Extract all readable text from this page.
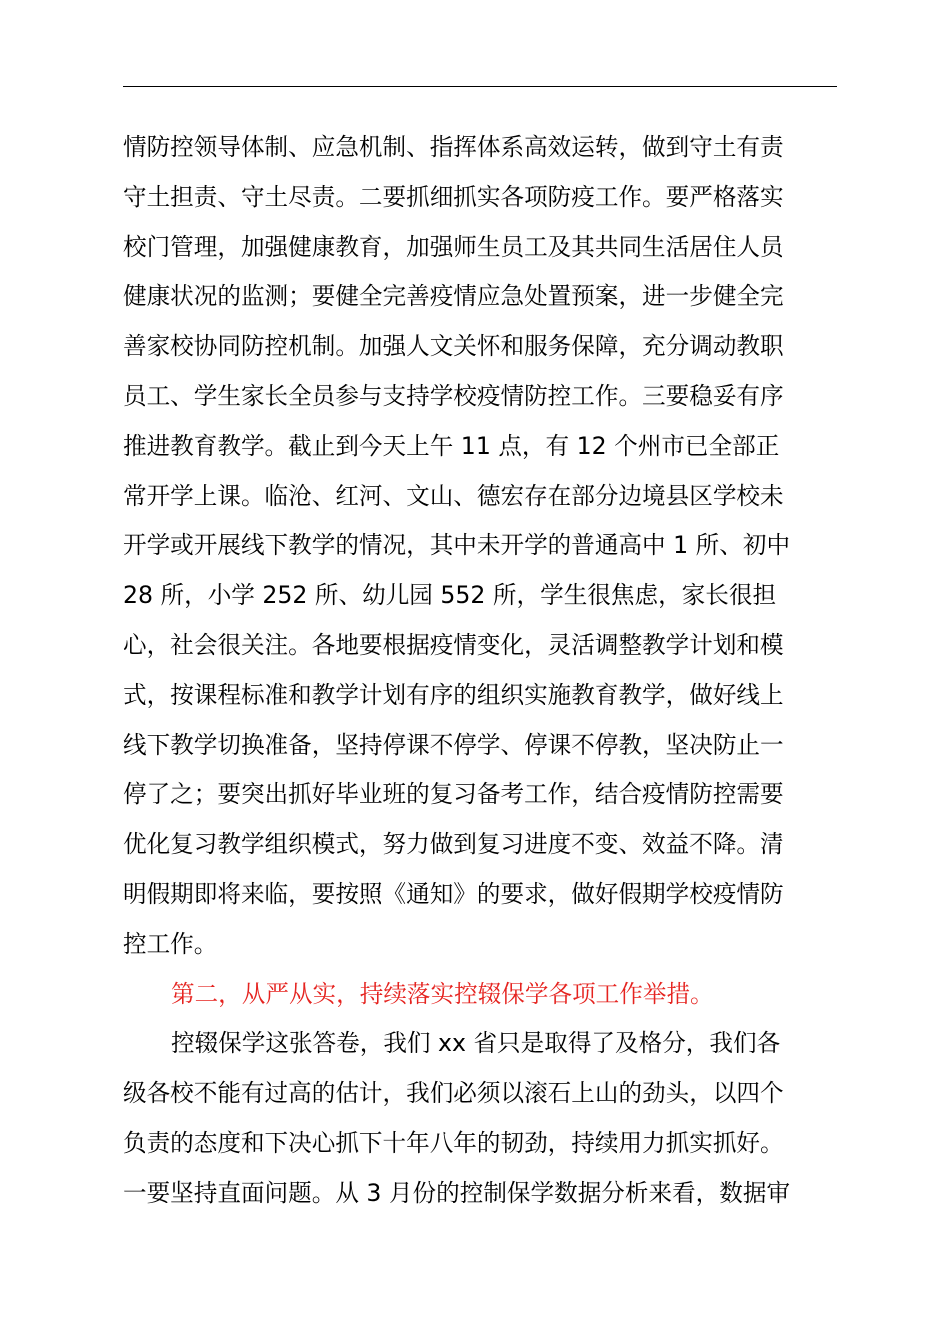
情防控领导体制、应急机制、指挥体系高效运转，做到守土有责
守土担责、守土尽责。二要抓细抓实各项防疫工作。要严格落实
校门管理，加强健康教育，加强师生员工及其共同生活居住人员
健康状况的监测；要健全完善疫情应急处置预案，进一步健全完
善家校协同防控机制。加强人文关怀和服务保障，充分调动教职
员工、学生家长全员参与支持学校疫情防控工作。三要稳妥有序
推进教育教学。截止到今天上午 11 点，有 12 个州市已全部正
常开学上课。临沧、红河、文山、德宏存在部分边境县区学校未
开学或开展线下教学的情况，其中未开学的普通高中 1 所、初中
28 所，小学 252 所、幼儿园 552 所，学生很焦虑，家长很担
心，社会很关注。各地要根据疫情变化，灵活调整教学计划和模
式，按课程标准和教学计划有序的组织实施教育教学，做好线上
线下教学切换准备，坚持停课不停学、停课不停教，坚决防止一
停了之；要突出抓好毕业班的复习备考工作，结合疫情防控需要
优化复习教学组织模式，努力做到复习进度不变、效益不降。清
明假期即将来临，要按照《通知》的要求，做好假期学校疫情防
控工作。
第二，从严从实，持续落实控辍保学各项工作举措。
控辍保学这张答卷，我们 xx 省只是取得了及格分，我们各
级各校不能有过高的估计，我们必须以滚石上山的劲头，以四个
负责的态度和下决心抓下十年八年的韧劲，持续用力抓实抓好。
一要坚持直面问题。从 3 月份的控制保学数据分析来看，数据审
